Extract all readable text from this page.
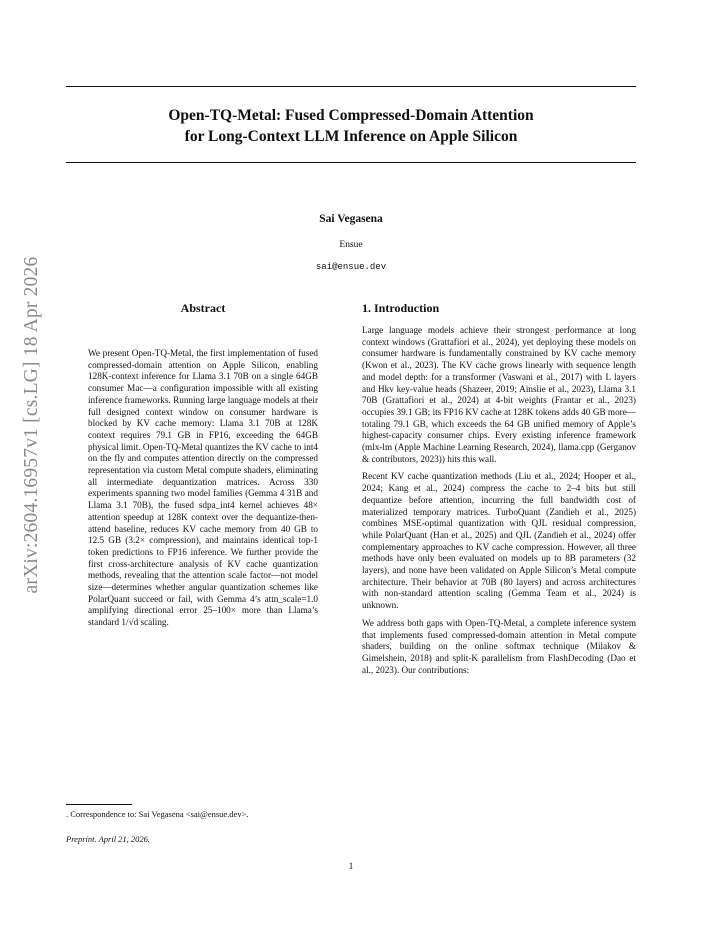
Open-TQ-Metal: Fused Compressed-Domain Attention
for Long-Context LLM Inference on Apple Silicon
arXiv:2604.16957v1 [cs.LG] 18 Apr 2026
Sai Vegasena
Ensue
sai@ensue.dev
Abstract
We present Open-TQ-Metal, the first implementation of fused compressed-domain attention on Apple Silicon, enabling 128K-context inference for Llama 3.1 70B on a single 64GB consumer Mac—a configuration impossible with all existing inference frameworks. Running large language models at their full designed context window on consumer hardware is blocked by KV cache memory: Llama 3.1 70B at 128K context requires 79.1 GB in FP16, exceeding the 64GB physical limit. Open-TQ-Metal quantizes the KV cache to int4 on the fly and computes attention directly on the compressed representation via custom Metal compute shaders, eliminating all intermediate dequantization matrices. Across 330 experiments spanning two model families (Gemma 4 31B and Llama 3.1 70B), the fused sdpa_int4 kernel achieves 48× attention speedup at 128K context over the dequantize-then-attend baseline, reduces KV cache memory from 40 GB to 12.5 GB (3.2× compression), and maintains identical top-1 token predictions to FP16 inference. We further provide the first cross-architecture analysis of KV cache quantization methods, revealing that the attention scale factor—not model size—determines whether angular quantization schemes like PolarQuant succeed or fail, with Gemma 4’s attn_scale=1.0 amplifying directional error 25–100× more than Llama’s standard 1/√d scaling.
1. Introduction

Large language models achieve their strongest performance at long context windows (Grattafiori et al., 2024), yet deploying these models on consumer hardware is fundamentally constrained by KV cache memory (Kwon et al., 2023). The KV cache grows linearly with sequence length and model depth: for a transformer (Vaswani et al., 2017) with L layers and Hkv key-value heads (Shazeer, 2019; Ainslie et al., 2023), Llama 3.1 70B (Grattafiori et al., 2024) at 4-bit weights (Frantar et al., 2023) occupies 39.1 GB; its FP16 KV cache at 128K tokens adds 40 GB more—totaling 79.1 GB, which exceeds the 64 GB unified memory of Apple’s highest-capacity consumer chips. Every existing inference framework (mlx-lm (Apple Machine Learning Research, 2024), llama.cpp (Gerganov & contributors, 2023)) hits this wall.

Recent KV cache quantization methods (Liu et al., 2024; Hooper et al., 2024; Kang et al., 2024) compress the cache to 2–4 bits but still dequantize before attention, incurring the full bandwidth cost of materialized temporary matrices. TurboQuant (Zandieh et al., 2025) combines MSE-optimal quantization with QJL residual compression, while PolarQuant (Han et al., 2025) and QJL (Zandieh et al., 2024) offer complementary approaches to KV cache compression. However, all three methods have only been evaluated on models up to 8B parameters (32 layers), and none have been validated on Apple Silicon’s Metal compute architecture. Their behavior at 70B (80 layers) and across architectures with non-standard attention scaling (Gemma Team et al., 2024) is unknown.

We address both gaps with Open-TQ-Metal, a complete inference system that implements fused compressed-domain attention in Metal compute shaders, building on the online softmax technique (Milakov & Gimelshein, 2018) and split-K parallelism from FlashDecoding (Dao et al., 2023). Our contributions:

. Correspondence to: Sai Vegasena <sai@ensue.dev>.
Preprint. April 21, 2026.
1
